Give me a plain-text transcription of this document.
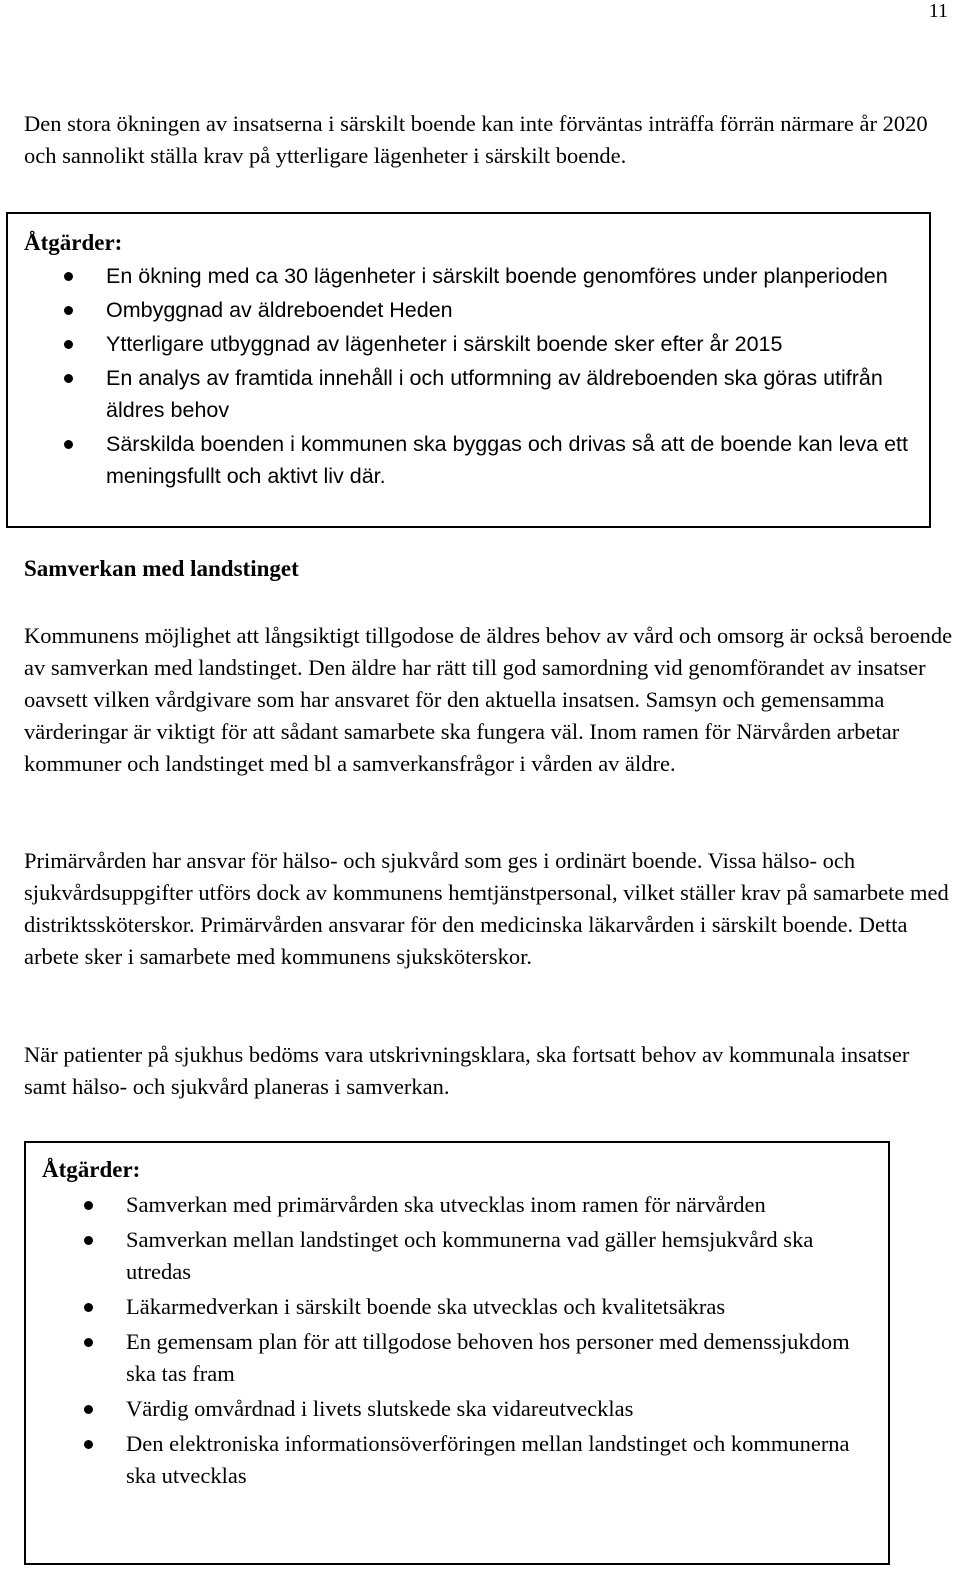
11

Den stora ökningen av insatserna i särskilt boende kan inte förväntas inträffa förrän närmare år 2020 och sannolikt ställa krav på ytterligare lägenheter i särskilt boende.

Åtgärder:
En ökning med ca 30 lägenheter i särskilt boende genomföres under planperioden
Ombyggnad av äldreboendet Heden
Ytterligare utbyggnad av lägenheter i särskilt boende sker efter år 2015
En analys av framtida innehåll i och utformning av äldreboenden ska göras utifrån äldres behov
Särskilda boenden i kommunen ska byggas och drivas så att de boende kan leva ett meningsfullt och aktivt liv där.
Samverkan med landstinget

Kommunens möjlighet att långsiktigt tillgodose de äldres behov av vård och omsorg är också beroende av samverkan med landstinget. Den äldre har rätt till god samordning vid genomförandet av insatser oavsett vilken vårdgivare som har ansvaret för den aktuella insatsen. Samsyn och gemensamma värderingar är viktigt för att sådant samarbete ska fungera väl. Inom ramen för Närvården arbetar kommuner och landstinget med bl a samverkansfrågor i vården av äldre.

Primärvården har ansvar för hälso- och sjukvård som ges i ordinärt boende. Vissa hälso- och sjukvårdsuppgifter utförs dock av kommunens hemtjänstpersonal, vilket ställer krav på samarbete med distriktssköterskor. Primärvården ansvarar för den medicinska läkarvården i särskilt boende. Detta arbete sker i samarbete med kommunens sjuksköterskor.

När patienter på sjukhus bedöms vara utskrivningsklara, ska fortsatt behov av kommunala insatser samt hälso- och sjukvård planeras i samverkan.

Åtgärder:
Samverkan med primärvården ska utvecklas inom ramen för närvården
Samverkan mellan landstinget och kommunerna vad gäller hemsjukvård ska utredas
Läkarmedverkan i särskilt boende ska utvecklas och kvalitetsäkras
En gemensam plan för att tillgodose behoven hos personer med demenssjukdom ska tas fram
Värdig omvårdnad i livets slutskede ska vidareutvecklas
Den elektroniska informationsöverföringen mellan landstinget och kommunerna ska utvecklas
